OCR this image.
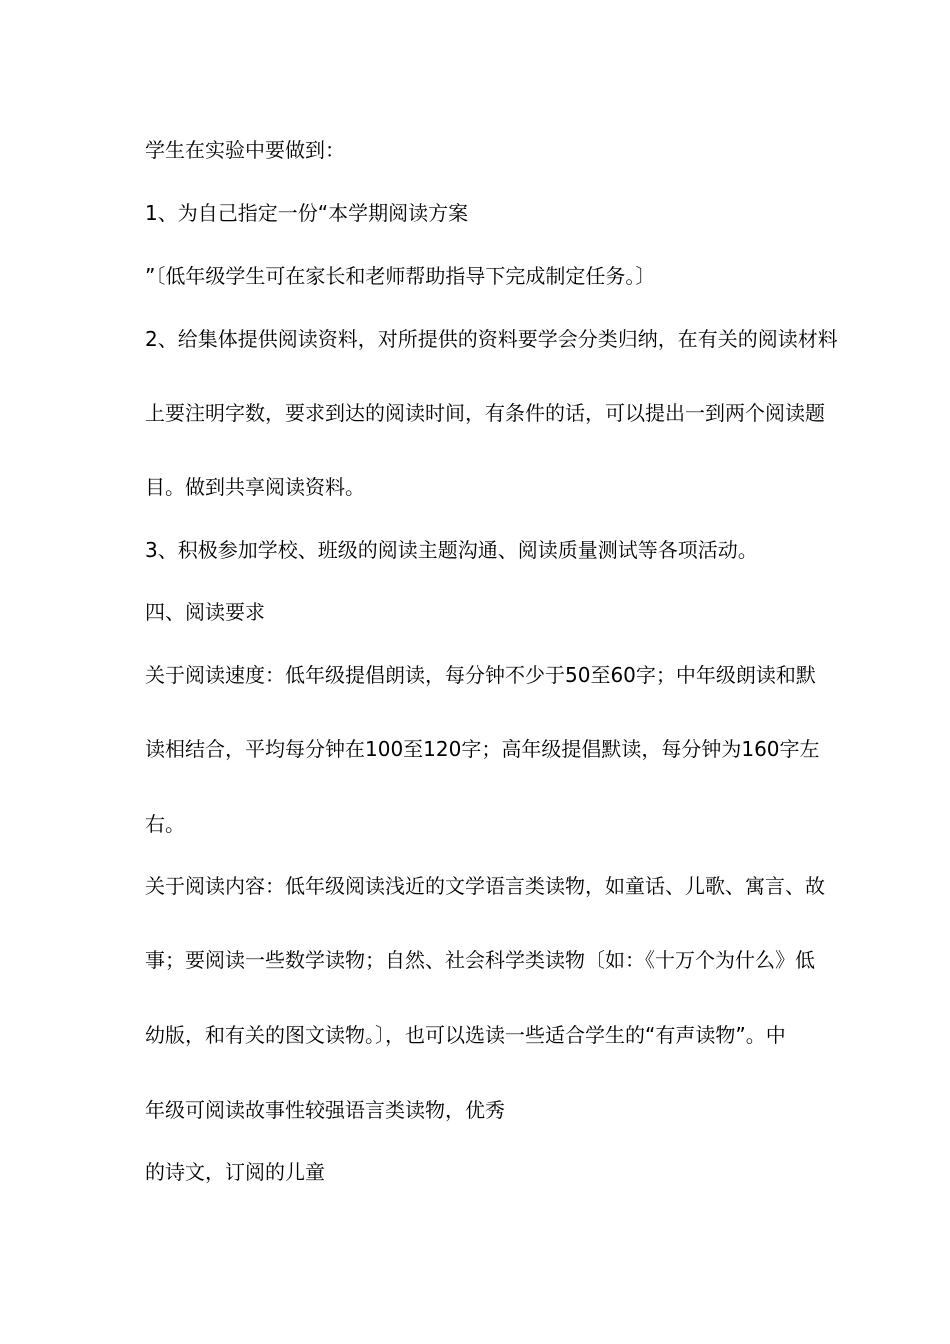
学生在实验中要做到：
1、为自己指定一份“本学期阅读方案
”〔低年级学生可在家长和老师帮助指导下完成制定任务。〕
2、给集体提供阅读资料，对所提供的资料要学会分类归纳，在有关的阅读材料
上要注明字数，要求到达的阅读时间，有条件的话，可以提出一到两个阅读题
目。做到共享阅读资料。
3、积极参加学校、班级的阅读主题沟通、阅读质量测试等各项活动。
四、阅读要求
关于阅读速度：低年级提倡朗读，每分钟不少于50至60字；中年级朗读和默
读相结合，平均每分钟在100至120字；高年级提倡默读，每分钟为160字左
右。
关于阅读内容：低年级阅读浅近的文学语言类读物，如童话、儿歌、寓言、故
事；要阅读一些数学读物；自然、社会科学类读物〔如：《十万个为什么》低
幼版，和有关的图文读物。〕，也可以选读一些适合学生的“有声读物”。中
年级可阅读故事性较强语言类读物，优秀
的诗文，订阅的儿童
